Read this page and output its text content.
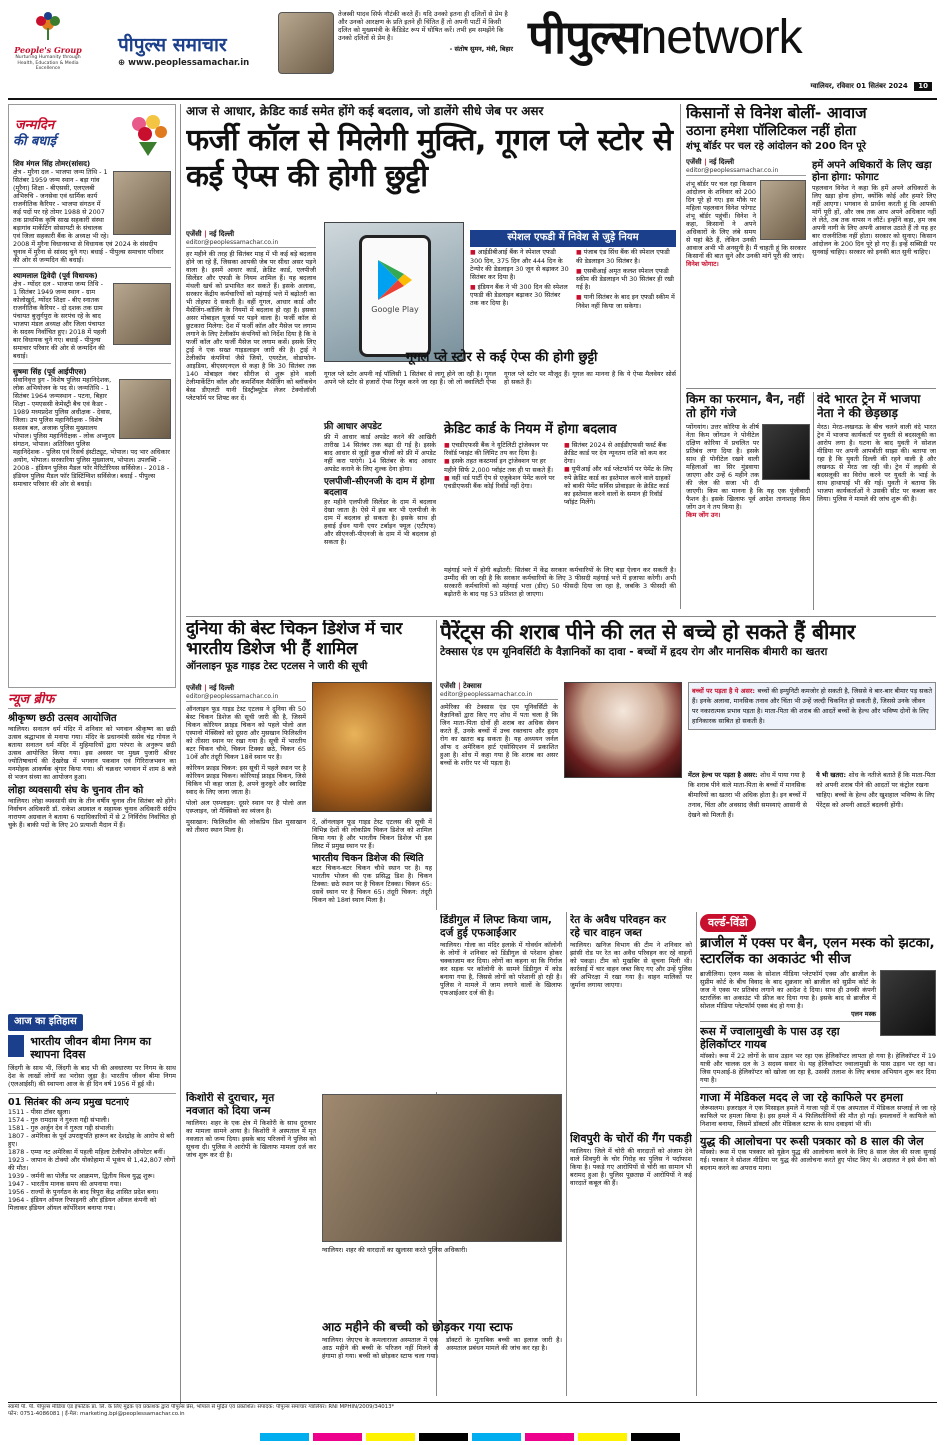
People's Group
Nurturing Humanity through Health, Education & Media Excellence
पीपुल्स समाचार
⊕ www.peoplessamachar.in
तेजस्वी यादव सिर्फ नौटंकी करते हैं। यदि उनको इतना ही दलितों से प्रेम है और उनको आरक्षण के प्रति इतने ही चिंतित हैं तो अपनी पार्टी में किसी दलित को मुख्यमंत्री के कैंडिडेट रूप में घोषित करें। तभी हम समझेंगे कि उनको दलितों से प्रेम है।
- संतोष सुमन, मंत्री, बिहार पीपुल्सnetwork
ग्वालियर, रविवार 01 सितंबर 2024 10
जन्मदिन
की बधाई
शिव मंगल सिंह तोमर(सांसद)
क्षेत्र - मुरैना दल - भाजपा जन्म तिथि - 1 सितंबर 1959 जन्म स्थान - बड़ा गांव (मुरैना) शिक्षा - बीएससी, एलएलबी अभिरुचि - जनसेवा एवं धार्मिक कार्य राजनीतिक कैरियर - भाजपा संगठन में कई पदों पर रहे तोमर 1988 से 2007 तक प्राथमिक कृषि साख सहकारी संस्था बड़ागांव मार्केटिंग सोसायटी के संचालक एवं जिला सहकारी बैंक के अध्यक्ष भी रहे। 2008 में मुरैना विधानसभा से विधायक एवं 2024 के संसदीय चुनाव में मुरैना से सांसद चुने गए। बधाई - पीपुल्स समाचार परिवार की ओर से जन्मदिन की बधाई।
श्यामलाल द्विवेदी (पूर्व विधायक)
क्षेत्र - ग्योंदर दल - भाजपा जन्म तिथि - 1 सितंबर 1949 जन्म स्थान - ग्राम कोलोखुर्द, ग्योंदर शिक्षा - बीए स्नातक राजनीतिक कैरियर - दो दशक तक ग्राम पंचायत बुजुर्गपुरा के सरपंच रहे के बाद भाजपा मंडल अध्यक्ष और जिला पंचायत के सदस्य निर्वाचित हुए। 2018 में पहली बार विधायक चुने गए। बधाई - पीपुल्स समाचार परिवार की ओर से जन्मदिन की बधाई।
सुषमा सिंह (पूर्व आईपीएस)
सेवानिवृत्त ड्रग - विशेष पुलिस महानिदेशक, लोक अभियोजन के पद से। जन्मतिथि - 1 सितंबर 1964 जन्मस्थान - पटना, बिहार शिक्षा - एमएससी केमेस्ट्री बैच एवं कैडर - 1989 मध्यप्रदेश पुलिस अधीक्षक - देवास, जिला। उप पुलिस महानिरीक्षक - विशेष सशस्त्र बल, अजाक पुलिस मुख्यालय भोपाल। पुलिस महानिरीक्षक - लोक अभ्युदय संगठन, भोपाल। अतिरिक्त पुलिस महानिदेशक - पुलिस एवं रिसर्च इंस्टीट्यूट, भोपाल। पद भार अधिकार अयोग, भोपाल। सरकारिया पुलिस मुख्यालय, भोपाल। उपलब्धि - 2008 - इंडियन पुलिस मैडल फॉर मेरिटोरियस सर्विसेज। - 2018 - इंडियन पुलिस मैडल फॉर डिस्टिंग्विश सर्विसेज। बधाई - पीपुल्स समाचार परिवार की ओर से बधाई।
न्यूज ब्रीफ
श्रीकृष्ण छठी उत्सव आयोजित
ग्वालियर। सनातन धर्म मंदिर में शनिवार को भगवान श्रीकृष्ण का छठी उत्सव श्रद्धाभाव से मनाया गया। मंदिर के प्रधानमंत्री ससेव चंद्र गोयल ने बताया सनातन धर्म मंदिर में मुहिमारियों द्वारा परंपरा के अनुरूप छठी उत्सव आयोजित किया गया। इस अवसर पर मुख्य पुजारी श्रीधर ज्योतिषाचार्य की देखरेख में भगवान पकवान एवं गिरिराजभवन का मनमोहक आकर्षक श्रृंगार किया गया। श्री चक्रधर भगवान में शाम 8 बजे से भजन संध्या का आयोजन हुआ।
लोहा व्यवसायी संघ के चुनाव तीन को
ग्वालियर। लोहा व्यवसायी संघ के तीन वर्षीय चुनाव तीन सितंबर को होंगे। निर्वाचन अधिकारी डॉ. राकेश अग्रवाल व सहायक चुनाव अधिकारी संदीप नारायण अग्रवाल ने बताया 6 पदाधिकारियों में से 2 निर्विरोध निर्वाचित हो चुके हैं। बाकी पदों के लिए 20 प्रत्याशी मैदान में हैं।
आज का इतिहास
भारतीय जीवन बीमा निगम का स्थापना दिवस
जिंदगी के साथ भी, जिंदगी के बाद भी की अवधारणा पर निगम के साथ देश के लाखों लोगों का भरोसा जुड़ा है। भारतीय जीवन बीमा निगम (एलआईसी) की स्थापना आज के ही दिन वर्ष 1956 में हुई थी।
01 सितंबर की अन्य प्रमुख घटनाएं
1511 - पीसा टॉवर खुला।
1574 - गुरु रामदास ने गुरुता गद्दी संभाली।
1581 - गुरु अर्जुन देव ने गुरुता गद्दी संभाली।
1807 - अमेरिका के पूर्व उपराष्ट्रपति हारून बर देशद्रोह के आरोप से बरी हुए।
1878 - एम्मा नट अमेरिका में पहली महिला टेलीफोन ऑपरेटर बनीं।
1923 - जापान के टोक्यो और योकोहामा में भूकंप से 1,42,807 लोगों की मौत।
1939 - जर्मनी का पोलैंड पर आक्रमण, द्वितीय विश्व युद्ध शुरू।
1947 - भारतीय मानक समय की अपनाया गया।
1956 - राज्यों के पुनर्गठन के बाद त्रिपुरा केंद्र शासित प्रदेश बना।
1964 - इंडियन ऑयल रिफाइनरी और इंडियन ऑयल कंपनी को मिलाकर इंडियन ऑयल कॉर्पोरेशन बनाया गया।
आज से आधार, क्रेडिट कार्ड समेत होंगे कई बदलाव, जो डालेंगे सीधे जेब पर असर
फर्जी कॉल से मिलेगी मुक्ति, गूगल प्ले स्टोर से कई ऐप्स की होगी छुट्टी
एजेंसी | नई दिल्ली
editor@peoplessamachar.co.in
हर महीने की तरह ही सितंबर माह में भी कई बड़े बदलाव होने जा रहे हैं, जिसका आपकी जेब पर सीधा असर पड़ने वाला है। इसमें आधार कार्ड, क्रेडिट कार्ड, एलपीजी सिलेंडर और एफडी के नियम शामिल हैं। यह बदलाव मंथली खर्च को प्रभावित कर सकते हैं। इसके अलावा, सरकार केंद्रीय कर्मचारियों को महंगाई भत्ते में बढ़ोतरी का भी तोहफा दे सकती है। वहीं गूगल, आधार कार्ड और मैसेजिंग-कॉलिंग के नियमों में बदलाव हो रहा है। इसका असर मोबाइल यूजर्स पर पड़ने वाला है। फर्जी कॉल से छुटकारा मिलेगा: देश में फर्जी कॉल और मैसेज पर लगाम लगाने के लिए टेलीकॉम कंपनियों को निर्देश दिया है कि वे फर्जी कॉल और फर्जी मैसेज पर लगाम कसें। इसके लिए ट्राई ने एक सख्त गाइडलाइन जारी की है। ट्राई ने टेलीकॉम कंपनियां जैसे जियो, एयरटेल, वोडाफोन-आइडिया, बीएसएनएल से कहा है कि 30 सितंबर तक 140 मोबाइल नंबर सीरीज से शुरू होने वाली टेलीमार्केटिंग कॉल और कमर्शियल मैसेजिंग को ब्लॉकचेन बेस्ड डीएलटी यानी डिस्ट्रीब्यूटेड लेजर टेक्नोलॉजी प्लेटफॉर्म पर शिफ्ट कर दें।
Google Play
स्पेशल एफडी में निवेश से जुड़े नियम
■ आईडीबीआई बैंक ने स्पेशल एफडी 300 दिन, 375 दिन और 444 दिन के टेन्योर की डेडलाइन 30 जून से बढ़ाकर 30 सितंबर कर दिया है।
■ इंडियन बैंक ने भी 300 दिन की स्पेशल एफडी की डेडलाइन बढ़ाकर 30 सितंबर तक कर दिया है।
■ पंजाब एंड सिंध बैंक की स्पेशल एफडी की डेडलाइन 30 सितंबर है।
■ एसबीआई अमृत कलश स्पेशल एफडी स्कीम की डेडलाइन भी 30 सितंबर ही रखी गई है।
■ यानी सितंबर के बाद इन एफडी स्कीम में निवेश नहीं किया जा सकेगा।
गूगल प्ले स्टोर से कई ऐप्स की होगी छुट्टी
गूगल प्ले स्टोर अपनी नई पॉलिसी 1 सितंबर से लागू होने जा रही है। गूगल अपने प्ले स्टोर से हजारों ऐप्स रिमूव करने जा रहा है। जो लो क्वालिटी ऐप्स गूगल प्ले स्टोर पर मौजूद हैं। गूगल का मानना है कि ये ऐप्स मैलवेयर सोर्स हो सकते हैं।
फ्री आधार अपडेट
फ्री में आधार कार्ड अपडेट करने की आखिरी तारीख 14 सितंबर तक बढ़ा दी गई है। इसके बाद आधार से जुड़ी कुछ चीजों को फ्री में अपडेट नहीं करा पाएंगे। 14 सितंबर के बाद आधार अपडेट कराने के लिए शुल्क देना होगा।
एलपीजी-सीएनजी के दाम में होगा बदलाव
हर महीने एलपीजी सिलेंडर के दाम में बदलाव देखा जाता है। ऐसे में इस बार भी एलपीजी के दाम में बदलाव हो सकता है। इसके साथ ही हवाई ईंधन यानी एयर टर्बाइन फ्यूल (एटीएफ) और सीएनजी-पीएनजी के दाम में भी बदलाव हो सकता है।
क्रेडिट कार्ड के नियम में होगा बदलाव
■ एचडीएफसी बैंक ने यूटिलिटी ट्रांजेक्शन पर रिवॉर्ड प्वाइंट की लिमिट तय कर दिया है।
■ इसके तहत कस्टमर्स इन ट्रांजेक्शन पर हर महीने सिर्फ 2,000 प्वॉइंट तक ही पा सकते हैं।
■ वहीं थर्ड पार्टी ऐप से एजुकेशन पेमेंट करने पर एचडीएफसी बैंक कोई रिवॉर्ड नहीं देगा।
■ सितंबर 2024 से आईडीएफसी फर्स्ट बैंक क्रेडिट कार्ड पर देय न्यूनतम राशि को कम कर देगा।
■ यूपीआई और थर्ड प्लेटफॉर्म पर पेमेंट के लिए रुपे क्रेडिट कार्ड का इस्तेमाल करने वाले ग्राहकों को बाकी पेमेंट सर्विस प्रोवाइडर के क्रेडिट कार्ड का इस्तेमाल करने वालों के समान ही रिवॉर्ड प्वॉइंट मिलेंगे।
महंगाई भत्ते में होगी बढ़ोतरी: सितंबर में केंद्र सरकार कर्मचारियों के लिए बड़ा ऐलान कर सकती है। उम्मीद की जा रही है कि सरकार कर्मचारियों के लिए 3 फीसदी महंगाई भत्ते में इजाफा करेगी। अभी सरकारी कर्मचारियों को महंगाई भत्ता (डीए) 50 फीसदी दिया जा रहा है, जबकि 3 फीसदी की बढ़ोतरी के बाद यह 53 प्रतिशत हो जाएगा।
किसानों से विनेश बोलीं- आवाज
उठाना हमेशा पॉलिटिकल नहीं होता
शंभू बॉर्डर पर चल रहे आंदोलन को 200 दिन पूरे
एजेंसी | नई दिल्ली
editor@peoplessamachar.co.in
शंभू बॉर्डर पर चल रहा किसान आंदोलन के शनिवार को 200 दिन पूरे हो गए। इस मौके पर महिला पहलवान विनेश फोगाट शंभू बॉर्डर पहुंचीं। विनेश ने कहा, किसानों ने अपने अधिकारों के लिए लंबे समय से यहां बैठे हैं, लेकिन उनकी आवाज अभी भी अनसुनी है। मैं चाहती हूं कि सरकार किसानों की बात सुने और उनकी मांगें पूरी की जाएं।
विनेश फोगाट।
हमें अपने अधिकारों के लिए खड़ा होना होगा: फोगाट
पहलवान विनेश ने कहा कि हमें अपने अधिकारों के लिए खड़ा होना होगा, क्योंकि कोई और हमारे लिए नहीं आएगा। भगवान से प्रार्थना करती हूं कि आपकी मांगें पूरी हों, और जब तक आप अपने अधिकार नहीं ले लेते, तब तक वापस न लौटें। इन्होंने कहा, हम जब अपनी नागी के लिए अपनी आवाज उठाते हैं तो यह हर बार राजनीतिक नहीं होता। सरकार को सुनाए। किसान आंदोलन के 200 दिन पूरे हो गए हैं। इन्हें सब्सिडी पर सुनवाई चाहिए। सरकार को इनकी बात सुनी चाहिए।
किम का फरमान, बैन, नहीं तो होंगे गंजे
प्योंगयांग। उत्तर कोरिया के शीर्ष नेता किम जोंगउन ने पोनीटेल दक्षिण कोरिया में प्रचलित पर प्रतिबंध लगा दिया है। इसके साथ ही पोनीटेल रखने वाली महिलाओं का सिर मुंडवाया जाएगा और उन्हें 6 महीने तक की जेल की सजा भी दी जाएगी। किम का मानना है कि यह एक पूंजीवादी फैशन है। इसके खिलाफ पूर्व आदेश तानाशाह किम जोंग उन ने तय किया है।
किम जोंग उन।
वंदे भारत ट्रेन में भाजपा नेता ने की छेड़छाड़
मेरठ। मेरठ-लखनऊ के बीच चलने वाली वंदे भारत ट्रेन में भाजपा कार्यकर्ता पर युवती से बदसलूकी का आरोप लगा है। घटना के बाद युवती ने सोशल मीडिया पर अपनी आपबीती साझा की। बताया जा रहा है कि युवती दिल्ली की रहने वाली है और लखनऊ से मेरठ जा रही थी। ट्रेन में लड़की से बदसलूकी का विरोध करने पर युवती के भाई के साथ हाथापाई भी की गई। युवती ने बताया कि भाजपा कार्यकर्ताओं ने उसकी सीट पर कब्जा कर लिया। पुलिस ने मामले की जांच शुरू की है।
दुनिया की बेस्ट चिकन डिशेज में चार भारतीय डिशेज भी हैं शामिल
ऑनलाइन फूड गाइड टेस्ट एटलस ने जारी की सूची
एजेंसी | नई दिल्ली
editor@peoplessamachar.co.in
ऑनलाइन फूड गाइड टेस्ट एटलस ने दुनिया की 50 बेस्ट चिकन डिशेज की सूची जारी की है, जिसमें चिकन कोरियन फ्राइड चिकन को पहले पोलो अल एस्पानो मेक्सिको को दूसरा और मुसखान फिलिस्तीन को तीसरा स्थान पर रखा गया है। सूची में भारतीय बटर चिकन चौथे, चिकन टिक्का छठे, चिकन 65 10वें और तंदूरी चिकन 18वें स्थान पर है।
कोरियन फ्राइड चिकन: इस सूची में पहले स्थान पर है कोरियन फ्राइड चिकन। कोरियाई फ्राइड चिकन, जिसे चिकिन भी कहा जाता है, अपने कुरकुरे और स्वादिष्ट स्वाद के लिए जाना जाता है।
पोलो अल एस्प्लाइन: दूसरे स्थान पर है पोलो अल एस्प्लाइन, जो मैक्सिको का व्यंजन है।
मुसाखान: फिलिस्तीन की लोकप्रिय डिश मुसाखान को तीसरा स्थान मिला है।
दें, ऑनलाइन फूड गाइड टेस्ट एटलस की सूची में विभिन्न देशों की लोकप्रिय चिकन डिशेज को शामिल किया गया है और भारतीय चिकन डिशेज भी इस लिस्ट में प्रमुख स्थान पर हैं।
भारतीय चिकन डिशेज की स्थिति
बटर चिकन-बटर चिकन चौथे स्थान पर है। यह भारतीय भोजन की एक प्रसिद्ध डिश है। चिकन टिक्का: छठे स्थान पर है चिकन टिक्का। चिकन 65: दसवें स्थान पर है चिकन 65। तंदूरी चिकन: तंदूरी चिकन को 18वां स्थान मिला है।
पैरेंट्स की शराब पीने की लत से बच्चे हो सकते हैं बीमार
टेक्सास एंड एम यूनिवर्सिटी के वैज्ञानिकों का दावा - बच्चों में हृदय रोग और मानसिक बीमारी का खतरा
एजेंसी | टेक्सास
editor@peoplessamachar.co.in
अमेरिका की टेक्सास एंड एम यूनिवर्सिटी के वैज्ञानिकों द्वारा किए गए शोध में पता चला है कि जिन माता-पिता दोनों ही शराब का अधिक सेवन करते हैं, उनके बच्चों में उच्च रक्तचाप और हृदय रोग का खतरा बढ़ सकता है। यह अध्ययन जर्नल ऑफ द अमेरिकन हार्ट एसोसिएशन में प्रकाशित हुआ है। शोध में कहा गया है कि शराब का असर बच्चों के शरीर पर भी पड़ता है।
बच्चों पर पड़ता है ये असर: बच्चों की इम्युनिटी कमजोर हो सकती है, जिससे वे बार-बार बीमार पड़ सकते हैं। इनके अलावा, मानसिक तनाव और चिंता भी उन्हें जल्दी चिकनित हो सकती है, जिससे उनके जीवन पर नकारात्मक प्रभाव पड़ता है। माता-पिता की शराब की आदतें बच्चों के हेल्थ और भविष्य दोनों के लिए हानिकारक साबित हो सकती है।
मेंटल हेल्थ पर पड़ता है असर: शोध में पाया गया है कि शराब पीने वाले माता-पिता के बच्चों में मानसिक बीमारियों का खतरा भी अधिक होता है। इन बच्चों में तनाव, चिंता और अवसाद जैसी समस्याएं आसानी से देखने को मिलती हैं।
ये भी खतरा: शोध के नतीजे बताते हैं कि माता-पिता को अपनी शराब पीने की आदतों पर कंट्रोल रखना चाहिए। बच्चों के हेल्थ और खुशहाल भविष्य के लिए पेरेंट्स को अपनी आदतें बदलनी होंगी।
डिंडीगुल में लिफ्ट किया जाम,
दर्ज हुई एफआईआर
ग्वालियर। गोला का मंदिर इलाके में गोवर्धन कॉलोनी के लोगों ने शनिवार को डिंडीगुल से परेशान होकर चक्काजाम कर दिया। लोगों का कहना था कि गिर्राज कर सड़क पर कॉलोनी के सामने डिंडीगुल में कोड बनाया गया है, जिससे लोगों को परेशानी हो रही है। पुलिस ने मामले में जाम लगाने वालों के खिलाफ एफआईआर दर्ज की है।
रेत के अवैध परिवहन कर
रहे चार वाहन जब्त
ग्वालियर। खनिज विभाग की टीम ने शनिवार को झांसी रोड पर रेत का अवैध परिवहन कर रहे वाहनों को पकड़ा। टीम को मुखबिर से सूचना मिली थी। कार्रवाई में चार वाहन जब्त किए गए और उन्हें पुलिस की अभिरक्षा में रखा गया है। वाहन मालिकों पर जुर्माना लगाया जाएगा।
किशोरी से दुराचार, मृत
नवजात को दिया जन्म
ग्वालियर। शहर के एक क्षेत्र में किशोरी के साथ दुराचार का मामला सामने आया है। किशोरी ने अस्पताल में मृत नवजात को जन्म दिया। इसके बाद परिजनों ने पुलिस को सूचना दी। पुलिस ने आरोपी के खिलाफ मामला दर्ज कर जांच शुरू कर दी है।
ग्वालियर। शहर की वारदातों का खुलासा करते पुलिस अधिकारी।
शिवपुरी के चोरों की गैंग पकड़ी
ग्वालियर। जिले में चोरी की वारदातों को अंजाम देने वाले शिवपुरी के चोर गिरोह का पुलिस ने पर्दाफाश किया है। पकड़े गए आरोपियों से चोरी का सामान भी बरामद हुआ है। पुलिस पूछताछ में आरोपियों ने कई वारदातें कबूल की हैं।
आठ महीने की बच्ची को छोड़कर गया स्टाफ
ग्वालियर। जेएएच के कमलाराजा अस्पताल में एक आठ महीने की बच्ची के परिजन नहीं मिलने से हंगामा हो गया। बच्ची को छोड़कर स्टाफ चला गया। डॉक्टरों के मुताबिक बच्ची का इलाज जारी है। अस्पताल प्रबंधन मामले की जांच कर रहा है।
वर्ल्ड-विंडो
ब्राजील में एक्स पर बैन, एलन मस्क को झटका, स्टारलिंक का अकाउंट भी सीज
ब्राजीलिया। एलन मस्क के सोशल मीडिया प्लेटफॉर्म एक्स और ब्राजील के सुप्रीम कोर्ट के बीच विवाद के बाद शुक्रवार को ब्राजील को सुप्रीम कोर्ट के जज ने एक्स पर प्रतिबंध लगाने का आदेश दे दिया। साथ ही उनकी कंपनी स्टारलिंक का अकाउंट भी फ्रीज कर दिया गया है। इसके बाद से ब्राजील में सोशल मीडिया प्लेटफॉर्म एक्स बंद हो गया है।
एलन मस्क
रूस में ज्वालामुखी के पास उड़ रहा हेलिकॉप्टर गायब
मॉस्को। रूस में 22 लोगों के साथ उड़ान भर रहा एक हेलिकॉप्टर लापता हो गया है। हेलिकॉप्टर में 19 यात्री और चालक दल के 3 सदस्य सवार थे। यह हेलिकॉप्टर ज्वालामुखी के पास उड़ान भर रहा था। जिस एमआई-8 हेलिकॉप्टर को खोजा जा रहा है, उसकी तलाश के लिए बचाव अभियान शुरू कर दिया गया है।
गाजा में मेडिकल मदद ले जा रहे काफिले पर हमला
जेरूसलम। इजराइल ने एक मिसाइल हमले में गाजा पट्टी में एक अस्पताल में मेडिकल सप्लाई ले जा रहे काफिले पर हमला किया है। इस हमले में 4 फिलिस्तीनियों की मौत हो गई। हमलावरों ने काफिले को निशाना बनाया, जिसमें डॉक्टर्स और मेडिकल स्टाफ के साथ दवाइयां भी थीं।
युद्ध की आलोचना पर रूसी पत्रकार को 8 साल की जेल
मॉस्को। रूस में एक पत्रकार को यूक्रेन युद्ध की आलोचना करने के लिए 8 साल जेल की सजा सुनाई गई। पत्रकार ने सोशल मीडिया पर युद्ध की आलोचना करते हुए पोस्ट किए थे। अदालत ने इसे सेना को बदनाम करने का अपराध माना।
स्वामी पी. पी. पीपुल्स मीडिया एंड इंफोटेक प्रा. लि. के लिए मुद्रक एवं प्रकाशक द्वारा पीपुल्स प्रेस, भोपाल से मुद्रित एवं प्रकाशित। संपादक: पीपुल्स समाचार ग्वालियर। RNI MPHIN/2009/34013*
फोन: 0751-4086081 | ई-मेल: marketing.bpl@peoplessamachar.co.in
